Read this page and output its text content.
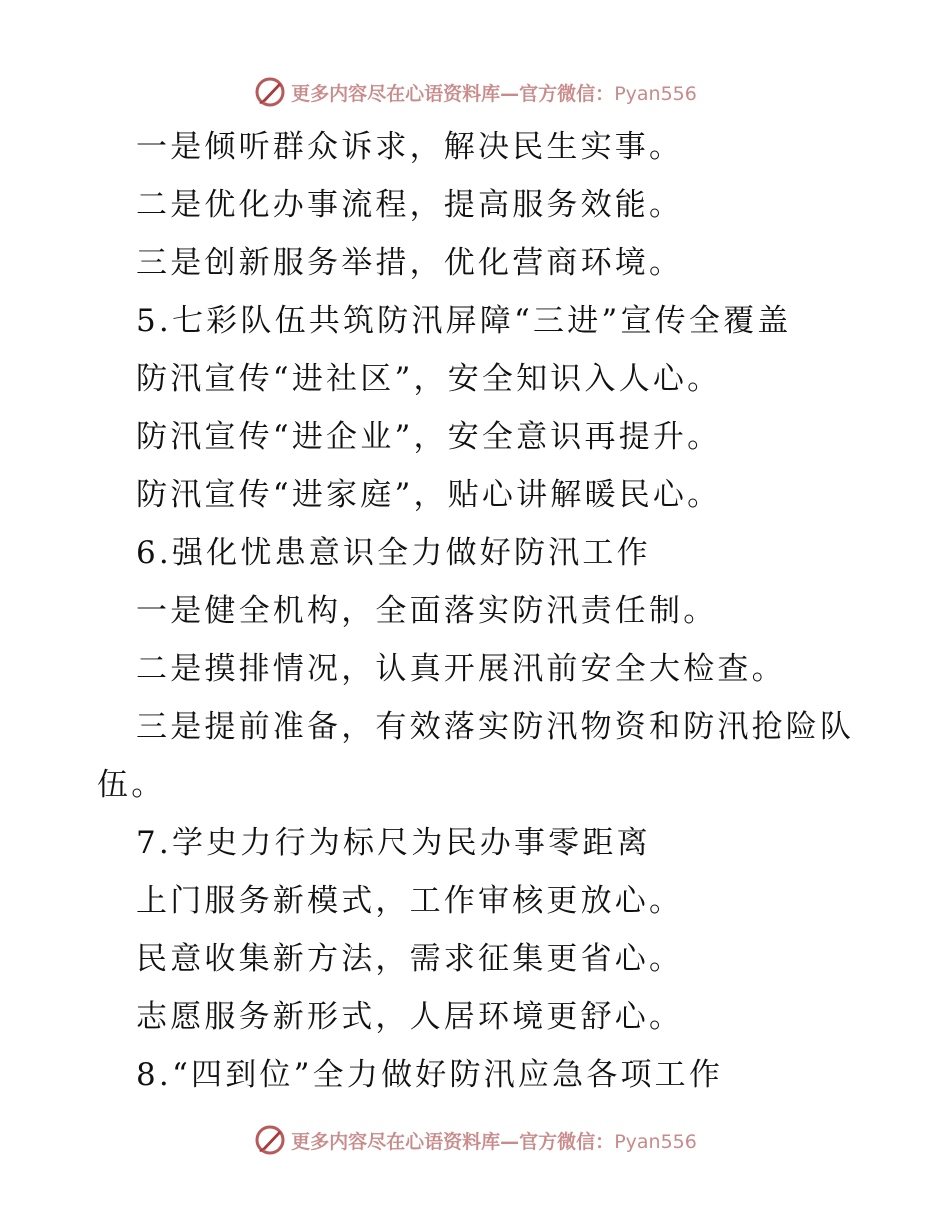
更多内容尽在心语资料库—官方微信：Pyan556
一是倾听群众诉求，解决民生实事。
二是优化办事流程，提高服务效能。
三是创新服务举措，优化营商环境。
5.七彩队伍共筑防汛屏障“三进”宣传全覆盖
防汛宣传“进社区”，安全知识入人心。
防汛宣传“进企业”，安全意识再提升。
防汛宣传“进家庭”，贴心讲解暖民心。
6.强化忧患意识全力做好防汛工作
一是健全机构，全面落实防汛责任制。
二是摸排情况，认真开展汛前安全大检查。
三是提前准备，有效落实防汛物资和防汛抢险队
伍。
7.学史力行为标尺为民办事零距离
上门服务新模式，工作审核更放心。
民意收集新方法，需求征集更省心。
志愿服务新形式，人居环境更舒心。
8.“四到位”全力做好防汛应急各项工作
更多内容尽在心语资料库—官方微信：Pyan556
